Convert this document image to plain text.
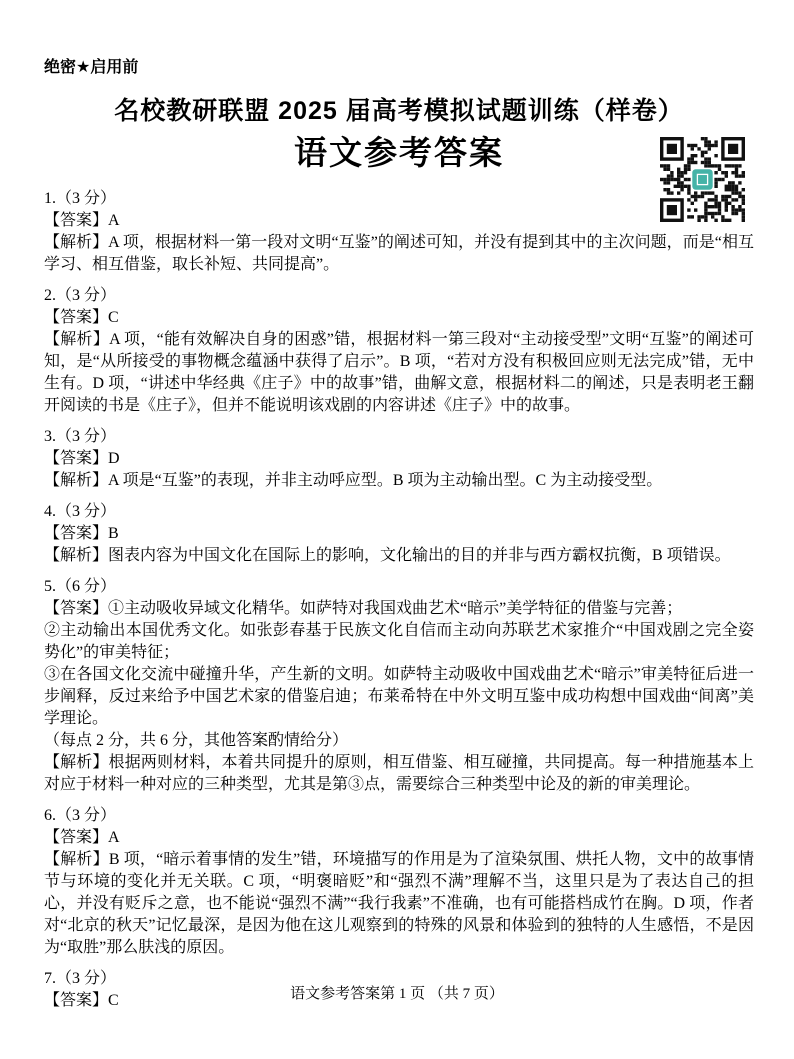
绝密★启用前
名校教研联盟 2025 届高考模拟试题训练（样卷）
语文参考答案

1.（3 分）

【答案】A

【解析】A 项，根据材料一第一段对文明“互鉴”的阐述可知，并没有提到其中的主次问题，而是“相互学习、相互借鉴，取长补短、共同提高”。

2.（3 分）

【答案】C

【解析】A 项，“能有效解决自身的困惑”错，根据材料一第三段对“主动接受型”文明“互鉴”的阐述可知，是“从所接受的事物概念蕴涵中获得了启示”。B 项，“若对方没有积极回应则无法完成”错，无中生有。D 项，“讲述中华经典《庄子》中的故事”错，曲解文意，根据材料二的阐述，只是表明老王翻开阅读的书是《庄子》，但并不能说明该戏剧的内容讲述《庄子》中的故事。

3.（3 分）

【答案】D

【解析】A 项是“互鉴”的表现，并非主动呼应型。B 项为主动输出型。C 为主动接受型。

4.（3 分）

【答案】B

【解析】图表内容为中国文化在国际上的影响，文化输出的目的并非与西方霸权抗衡，B 项错误。

5.（6 分）

【答案】①主动吸收异域文化精华。如萨特对我国戏曲艺术“暗示”美学特征的借鉴与完善；

②主动输出本国优秀文化。如张彭春基于民族文化自信而主动向苏联艺术家推介“中国戏剧之完全姿势化”的审美特征；

③在各国文化交流中碰撞升华，产生新的文明。如萨特主动吸收中国戏曲艺术“暗示”审美特征后进一步阐释，反过来给予中国艺术家的借鉴启迪；布莱希特在中外文明互鉴中成功构想中国戏曲“间离”美学理论。

（每点 2 分，共 6 分，其他答案酌情给分）

【解析】根据两则材料，本着共同提升的原则，相互借鉴、相互碰撞，共同提高。每一种措施基本上对应于材料一种对应的三种类型，尤其是第③点，需要综合三种类型中论及的新的审美理论。

6.（3 分）

【答案】A

【解析】B 项，“暗示着事情的发生”错，环境描写的作用是为了渲染氛围、烘托人物，文中的故事情节与环境的变化并无关联。C 项，“明褒暗贬”和“强烈不满”理解不当，这里只是为了表达自己的担心，并没有贬斥之意，也不能说“强烈不满”“我行我素”不准确，也有可能搭档成竹在胸。D 项，作者对“北京的秋天”记忆最深，是因为他在这儿观察到的特殊的风景和体验到的独特的人生感悟，不是因为“取胜”那么肤浅的原因。

7.（3 分）

【答案】C	语文参考答案第 1 页 （共 7 页）
